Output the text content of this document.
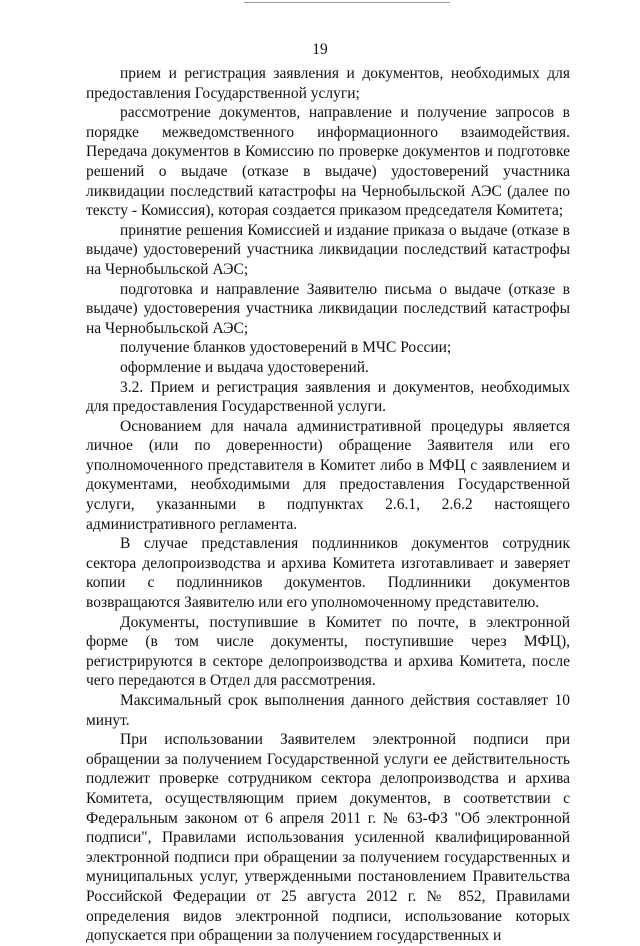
19

прием и регистрация заявления и документов, необходимых для предоставления Государственной услуги;

рассмотрение документов, направление и получение запросов в порядке межведомственного информационного взаимодействия. Передача документов в Комиссию по проверке документов и подготовке решений о выдаче (отказе в выдаче) удостоверений участника ликвидации последствий катастрофы на Чернобыльской АЭС (далее по тексту - Комиссия), которая создается приказом председателя Комитета;

принятие решения Комиссией и издание приказа о выдаче (отказе в выдаче) удостоверений участника ликвидации последствий катастрофы на Чернобыльской АЭС;

подготовка и направление Заявителю письма о выдаче (отказе в выдаче) удостоверения участника ликвидации последствий катастрофы на Чернобыльской АЭС;

получение бланков удостоверений в МЧС России;

оформление и выдача удостоверений.

3.2. Прием и регистрация заявления и документов, необходимых для предоставления Государственной услуги.

Основанием для начала административной процедуры является личное (или по доверенности) обращение Заявителя или его уполномоченного представителя в Комитет либо в МФЦ с заявлением и документами, необходимыми для предоставления Государственной услуги, указанными в подпунктах 2.6.1, 2.6.2 настоящего административного регламента.

В случае представления подлинников документов сотрудник сектора делопроизводства и архива Комитета изготавливает и заверяет копии с подлинников документов. Подлинники документов возвращаются Заявителю или его уполномоченному представителю.

Документы, поступившие в Комитет по почте, в электронной форме (в том числе документы, поступившие через МФЦ), регистрируются в секторе делопроизводства и архива Комитета, после чего передаются в Отдел для рассмотрения.

Максимальный срок выполнения данного действия составляет 10 минут.

При использовании Заявителем электронной подписи при обращении за получением Государственной услуги ее действительность подлежит проверке сотрудником сектора делопроизводства и архива Комитета, осуществляющим прием документов, в соответствии с Федеральным законом от 6 апреля 2011 г. № 63-ФЗ "Об электронной подписи", Правилами использования усиленной квалифицированной электронной подписи при обращении за получением государственных и муниципальных услуг, утвержденными постановлением Правительства Российской Федерации от 25 августа 2012 г. № 852, Правилами определения видов электронной подписи, использование которых допускается при обращении за получением государственных и
